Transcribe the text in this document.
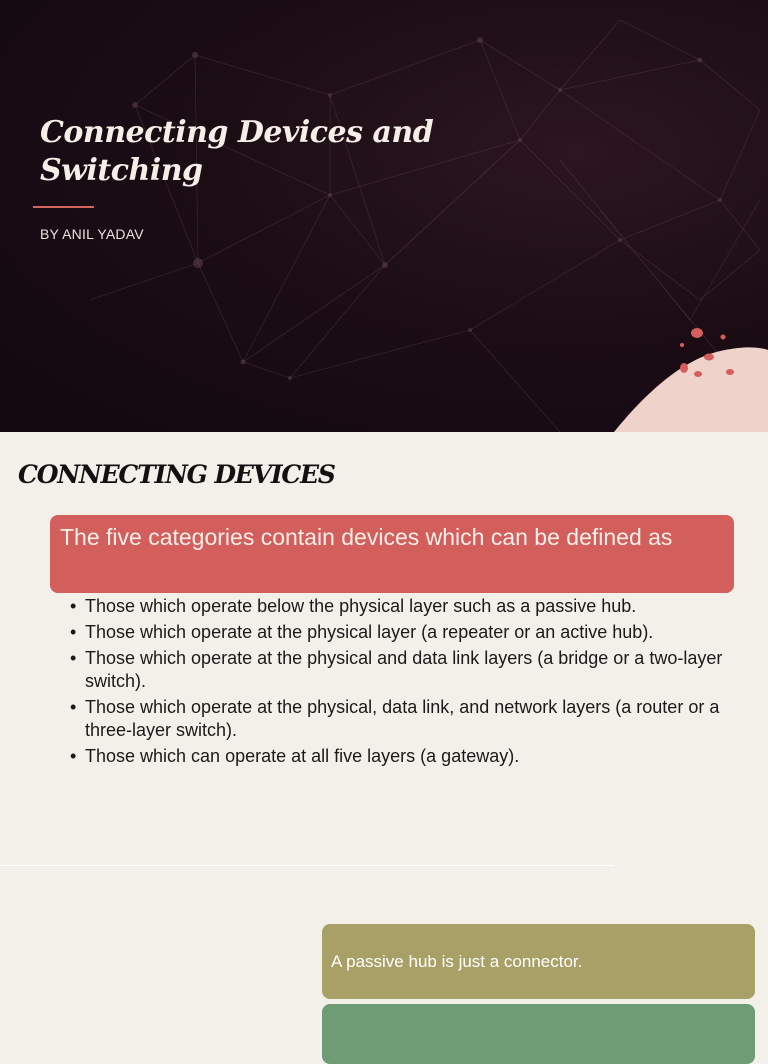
Connecting Devices and Switching
BY ANIL YADAV
CONNECTING DEVICES
The five categories contain devices which can be defined as
• Those which operate below the physical layer such as a passive hub.
• Those which operate at the physical layer (a repeater or an active hub).
• Those which operate at the physical and data link layers (a bridge or a two-layer switch).
• Those which operate at the physical, data link, and network layers (a router or a three-layer switch).
• Those which can operate at all five layers (a gateway).
A passive hub is just a connector.
